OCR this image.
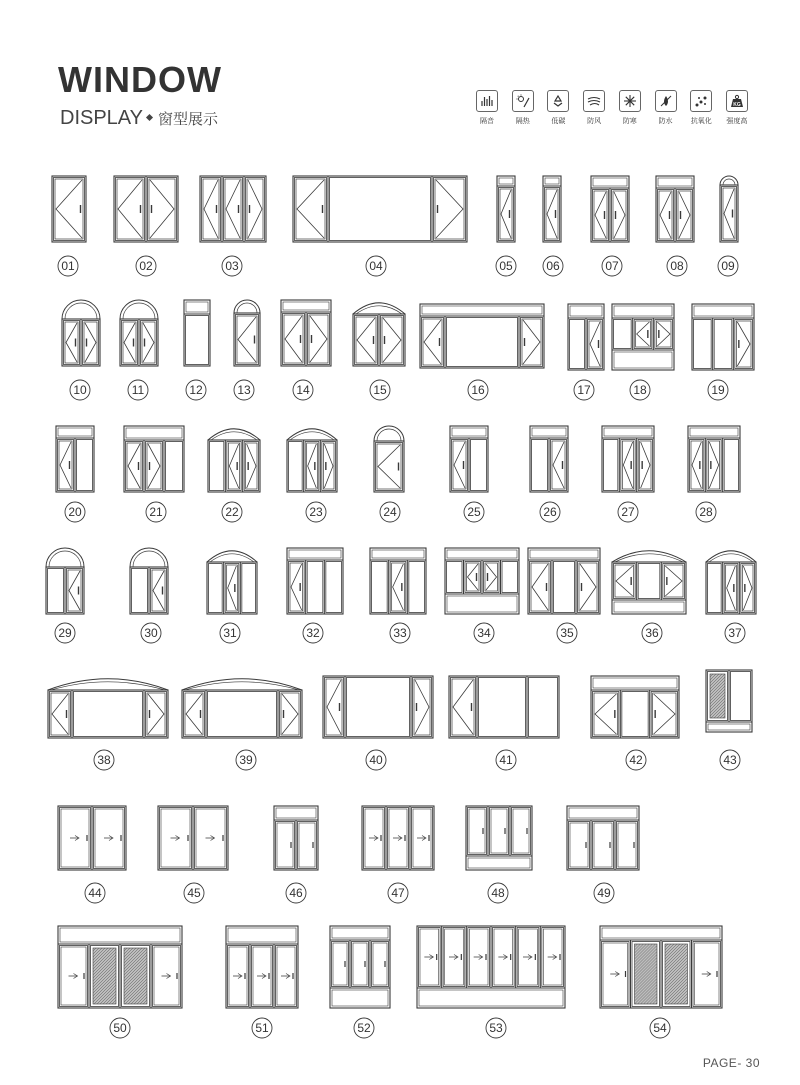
WINDOW
DISPLAY 窗型展示	隔音	隔热	低碳	防风	防寒	防水	抗氧化
KG
强度高
01	02	03	04	05	06	07	08	09
10	11	12	13	14	15	16	17	18	19
20	21	22	23	24	25	26	27	28
29	30	31	32	33	34	35	36	37
38	39	40	41	42	43
44	45	46	47	48	49
50	51	52	53	54
PAGE- 30
